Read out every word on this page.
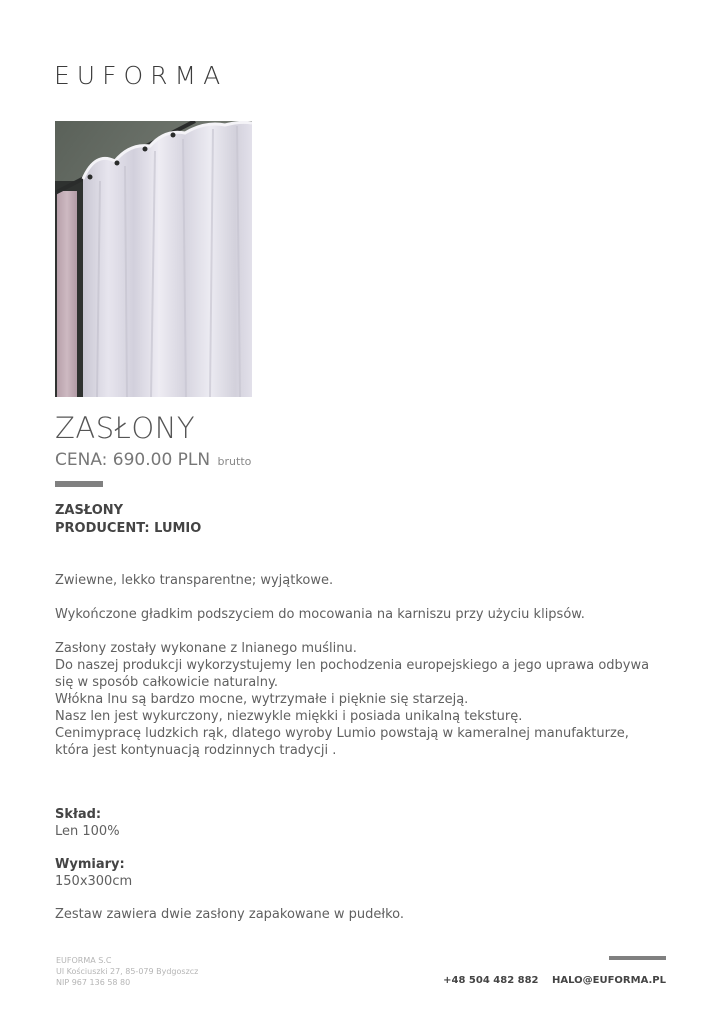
EUFORMA
ZASŁONY
CENA: 690.00 PLN brutto
ZASŁONY
PRODUCENT: LUMIO
Zwiewne, lekko transparentne; wyjątkowe.
Wykończone gładkim podszyciem do mocowania na karniszu przy użyciu klipsów.
Zasłony zostały wykonane z lnianego muślinu.
Do naszej produkcji wykorzystujemy len pochodzenia europejskiego a jego uprawa odbywa się w sposób całkowicie naturalny.
Włókna lnu są bardzo mocne, wytrzymałe i pięknie się starzeją.
Nasz len jest wykurczony, niezwykle miękki i posiada unikalną teksturę.
Cenimypracę ludzkich rąk, dlatego wyroby Lumio powstają w kameralnej manufakturze, która jest kontynuacją rodzinnych tradycji .
Skład:
Len 100%
Wymiary:
150x300cm
Zestaw zawiera dwie zasłony zapakowane w pudełko.
EUFORMA S.C
Ul Kościuszki 27, 85-079 Bydgoszcz
NIP 967 136 58 80	+48 504 482 882 HALO@EUFORMA.PL
